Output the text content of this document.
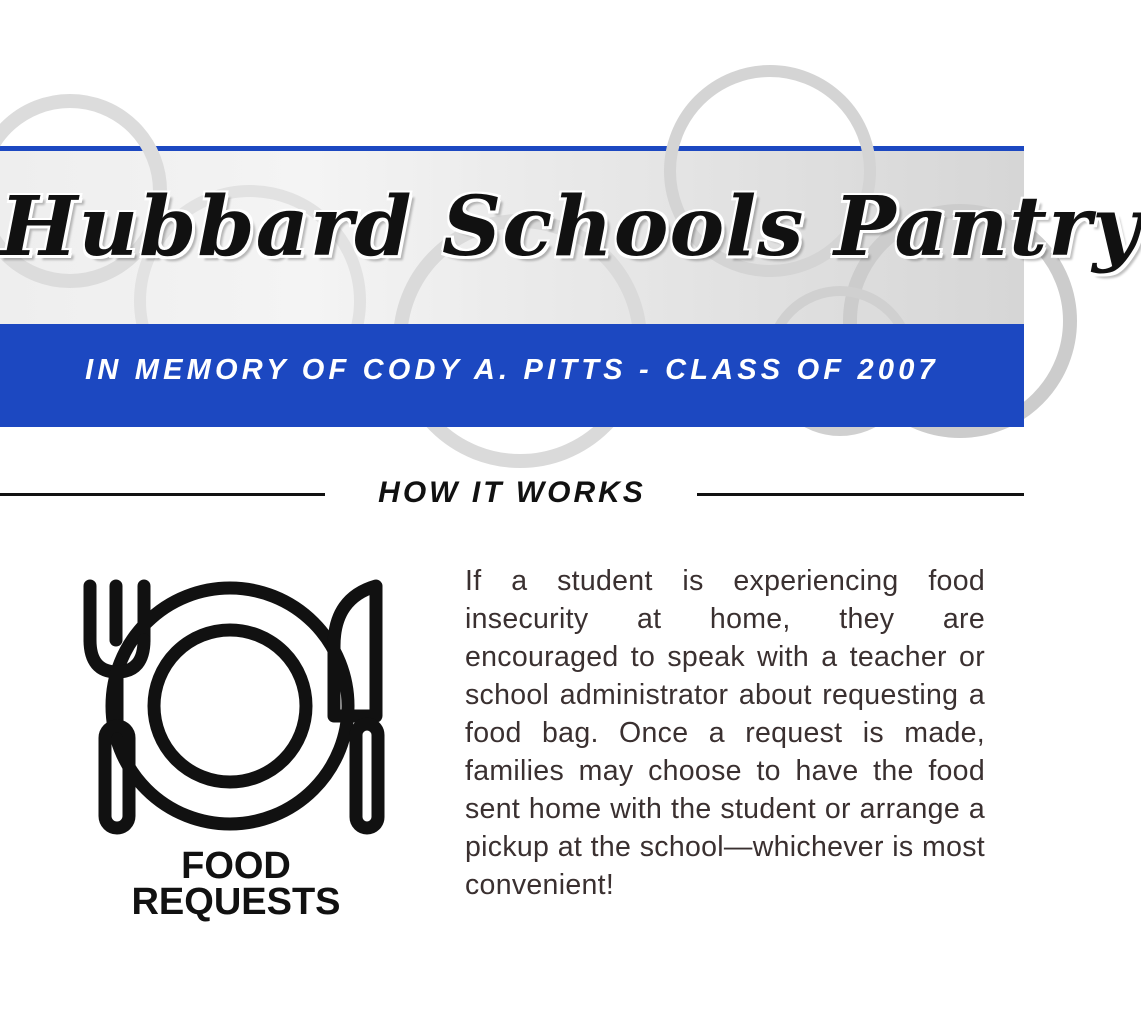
Hubbard Schools Pantry
IN MEMORY OF CODY A. PITTS - CLASS OF 2007
HOW IT WORKS
FOOD
REQUESTS
If a student is experiencing food insecurity at home, they are encouraged to speak with a teacher or school administrator about requesting a food bag. Once a request is made, families may choose to have the food sent home with the student or arrange a pickup at the school—whichever is most convenient!
